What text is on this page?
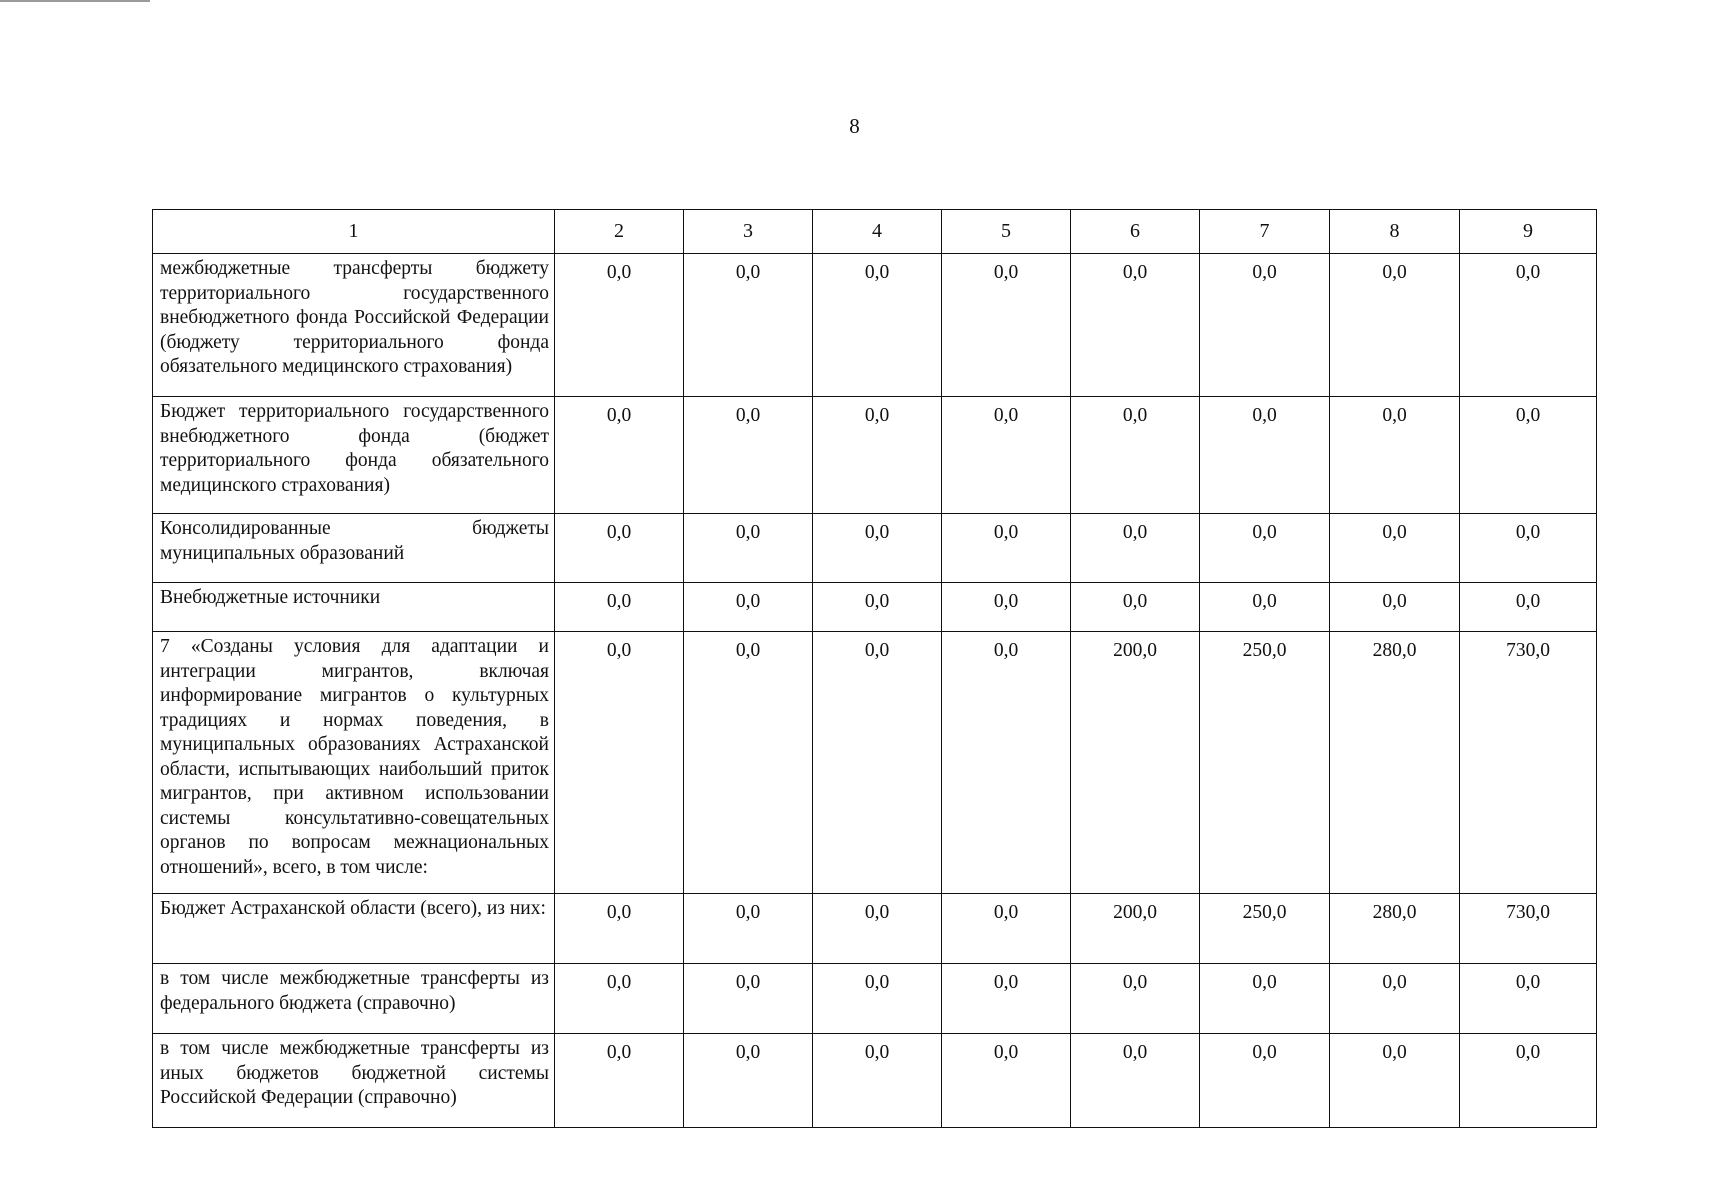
8
1	2	3	4	5	6	7	8	9
межбюджетные трансферты бюджету территориального государственного внебюджетного фонда Российской Федерации (бюджету территориального фонда обязательного медицинского страхования)	0,0	0,0	0,0	0,0	0,0	0,0	0,0	0,0
Бюджет территориального государственного внебюджетного фонда (бюджет территориального фонда обязательного медицинского страхования)	0,0	0,0	0,0	0,0	0,0	0,0	0,0	0,0
Консолидированные бюджеты муниципальных образований	0,0	0,0	0,0	0,0	0,0	0,0	0,0	0,0
Внебюджетные источники	0,0	0,0	0,0	0,0	0,0	0,0	0,0	0,0
7 «Созданы условия для адаптации и интеграции мигрантов, включая информирование мигрантов о культурных традициях и нормах поведения, в муниципальных образованиях Астраханской области, испытывающих наибольший приток мигрантов, при активном использовании системы консультативно-совещательных органов по вопросам межнациональных отношений», всего, в том числе:	0,0	0,0	0,0	0,0	200,0	250,0	280,0	730,0
Бюджет Астраханской области (всего), из них:	0,0	0,0	0,0	0,0	200,0	250,0	280,0	730,0
в том числе межбюджетные трансферты из федерального бюджета (справочно)	0,0	0,0	0,0	0,0	0,0	0,0	0,0	0,0
в том числе межбюджетные трансферты из иных бюджетов бюджетной системы Российской Федерации (справочно)	0,0	0,0	0,0	0,0	0,0	0,0	0,0	0,0
